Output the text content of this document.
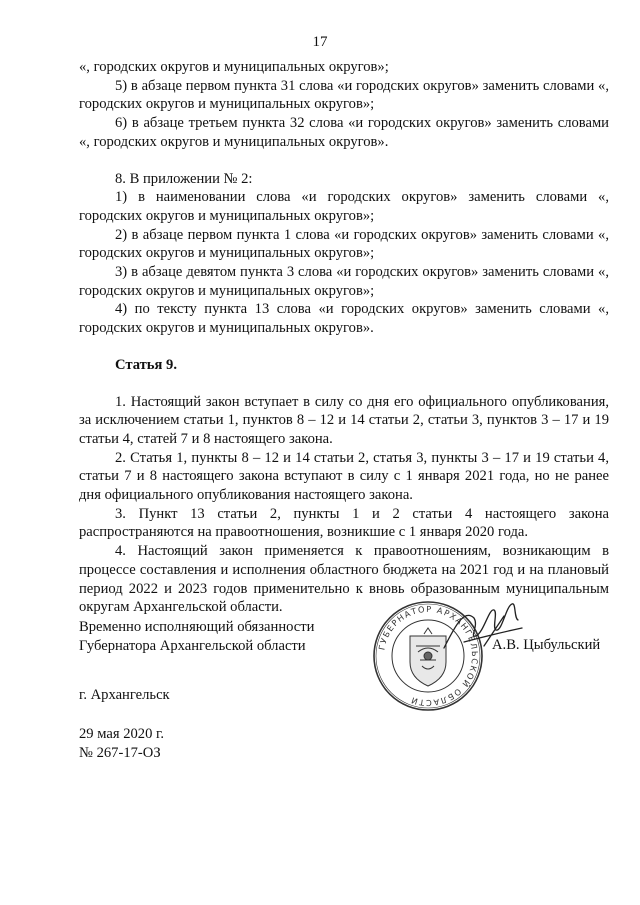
17

«, городских округов и муниципальных округов»;

5) в абзаце первом пункта 31 слова «и городских округов» заменить словами «, городских округов и муниципальных округов»;

6) в абзаце третьем пункта 32 слова «и городских округов» заменить словами «, городских округов и муниципальных округов».

8. В приложении № 2:

1) в наименовании слова «и городских округов» заменить словами «, городских округов и муниципальных округов»;

2) в абзаце первом пункта 1 слова «и городских округов» заменить словами «, городских округов и муниципальных округов»;

3) в абзаце девятом пункта 3 слова «и городских округов» заменить словами «, городских округов и муниципальных округов»;

4) по тексту пункта 13 слова «и городских округов» заменить словами «, городских округов и муниципальных округов».

Статья 9.

1. Настоящий закон вступает в силу со дня его официального опубликования, за исключением статьи 1, пунктов 8 – 12 и 14 статьи 2, статьи 3, пунктов 3 – 17 и 19 статьи 4, статей 7 и 8 настоящего закона.

2. Статья 1, пункты 8 – 12 и 14 статьи 2, статья 3, пункты 3 – 17 и 19 статьи 4, статьи 7 и 8 настоящего закона вступают в силу с 1 января 2021 года, но не ранее дня официального опубликования настоящего закона.

3. Пункт 13 статьи 2, пункты 1 и 2 статьи 4 настоящего закона распространяются на правоотношения, возникшие с 1 января 2020 года.

4. Настоящий закон применяется к правоотношениям, возникающим в процессе составления и исполнения областного бюджета на 2021 год и на плановый период 2022 и 2023 годов применительно к вновь образованным муниципальным округам Архангельской области.

Временно исполняющий обязанности
Губернатора Архангельской области	ГУБЕРНАТОР АРХАНГЕЛЬСКОЙ ОБЛАСТИ
А.В. Цыбульский
г. Архангельск
29 мая 2020 г.
№ 267-17-ОЗ
